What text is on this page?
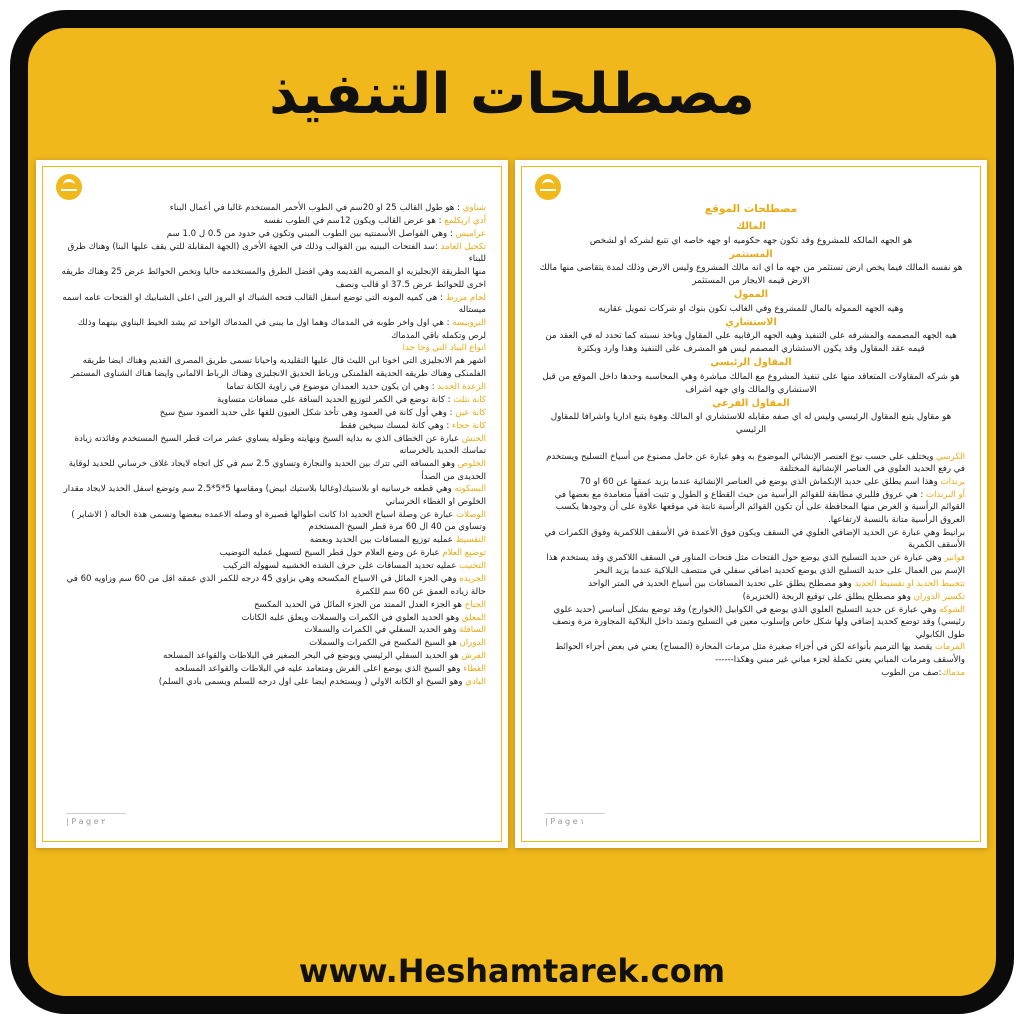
مصطلحات التنفيذ

شناوي : هو طول القالب 25 او 20سم في الطوب الأحمر المستخدم غالبا في أعمال البناء

أدي اريكلمع : هو عرض القالب ويكون 12سم في الطوب نفسه

عراميس : وهي الفواصل الأسمنتيه بين الطوب المبني وتكون في حدود من 0.5 ل 1.0 سم

تكحيل العامد :سد الفتحات البينيه بين القوالب وذلك في الجهة الأخرى (الجهة المقابلة للتي يقف عليها البنا) وهناك طرق للبناء

منها الطريقة الإنجليزيه او المصريه القديمه وهي افضل الطرق والمستخدمه حاليا وتخص الحوائط عرض 25 وهناك طريقه اخرى للحوائط عرض 37.5 او قالب ونصف

لحام مزرط : هى كميه المونه التى توضع اسفل القالب فتحه الشباك او البروز التى اعلى الشبابيك او الفتحات عامه اسمه ميستاله

التروبيسه : هي اول واخر طوبه في المدماك وهما اول ما يبنى في المدماك الواحد ثم يشد الخيط البناوي بينهما وذلك لرص وتكمله باقي المدماك

انواع البياد التي وجا جدا

اشهر هم الانجليزى التى اخوتا ابن الليث قال عليها التقليديه واحيانا تسمى طريق المصرى القديم وهناك ايضا طريقه الفلمنكى وهناك طريقه الحديقه الفلمنكى ورباط الحديق الانجليزى وهناك الرباط الالمانى وايضا هناك الشناوى المستمر

الزعدة الحديد : وهي ان يكون حديد العمدان موضوع في زاوية الكانة تماما

كانة نثلث : كانة توضع في الكمر لتوزيع الحديد السافة على مسافات متساوية

كانة عين : وهي أول كانة في العمود وهى تأخذ شكل العيون للفها على حديد العمود سيخ سيخ

كانة حجاء : وهي كانة لمسك سيخين فقط

الجنش عبارة عن الخطاف الذي به بدايه السيخ ونهايته وطوله يساوي عشر مرات قطر السيخ المستخدم وفائدته زيادة تماسك الحديد بالخرسانه

الخلوص وهو المسافه التى تترك بين الحديد والنجارة وتساوي 2.5 سم في كل اتجاه لايجاد غلاف خرساني للحديد لوقاية الحديدى من الصدأ

البسكوته وهي قطعه خرسانيه او بلاستيك(وغالبا بلاستيك ابيض) ومقاسها 5*5*2.5 سم وتوضع اسفل الحديد لايجاد مقدار الخلوص او الغطاء الخرساني

الوصلات عبارة عن وصلة اسياخ الحديد اذا كانت اطوالها قصيرة او وصله الاعمده ببعضها وتسمى هذة الحاله ( الاشاير ) وتساوي من 40 ال 60 مرة قطر السيخ المستخدم

التقسيط عمليه توزيع المسافات بين الحديد وبعضه

توضيع العلام عبارة عن وضع العلام حول قطر السيخ لتسهيل عمليه التوضيب

التجنيب عمليه تحديد المسافات على حرف الشده الخشبيه لسهوله التركيب

الجريده وهي الجزء المائل في الاسياخ المكسحه وهي بزاوي 45 درجه للكمر الذي عمقه اقل من 60 سم وزاويه 60 في حالة زياده العمق عن 60 سم للكمرة

الجناح هو الجزء العدل الممتد من الجزء المائل في الحديد المكسح

المعلق وهو الحديد العلوي في الكمرات والسملات ويعلق عليه الكانات

السافلة وهو الحديد السفلي في الكمرات والسملات

الدوران هو السيخ المكسح في الكمرات والسملات

الفرش هو الحديد السفلي الرئيسي ويوضع في البحر الصغير في البلاطات والقواعد المسلحه

الغطاء وهو السيخ الذي يوضع اعلى الفرش ومتعامد عليه في البلاطات والقواعد المسلحه

البادي وهو السيخ او الكانه الاولي ( ويستخدم ايضا على اول درجه للسلم ويسمى بادي السلم)

| P a g e ٢

مصطلحات الموقع

المالك

هو الجهه المالكه للمشروع وقد تكون جهه حكوميه او جهه خاصه اي تتبع لشركه او لشخص

المستثمر

هو نفسه المالك فيما يخص ارض تستثمر من جهه ما اي انه مالك المشروع وليس الارض وذلك لمدة يتقاضى منها مالك الارض قيمه الايجار من المستثمر

الممول

وهيه الجهه المموله بالمال للمشروع وفي الغالب تكون بنوك او شركات تمويل عقاريه

الاستشاري

هيه الجهه المصممه والمشرفه على التنفيذ وهيه الجهه الرقابيه على المقاول وياخذ نسبته كما تحدد له في العقد من قيمه عقد المقاول وقد يكون الاستشاري المصمم ليس هو المشرف على التنفيذ وهذا وارد وبكثرة

المقاول الرئيسي

هو شركه المقاولات المتعاقد منها على تنفيذ المشروع مع المالك مباشرة وهي المحاسبه وحدها داخل الموقع من قبل الاستشاري والمالك واي جهه اشراف

المقاول الفرعي

هو مقاول يتبع المقاول الرئيسي وليس له اي صفه مقابله للاستشاري او المالك وهوة يتبع اداريا واشرافا للمقاول الرئيسي

الكرسي ويختلف على حسب نوع العنصر الإنشائي الموضوع به وهو عبارة عن حامل مصنوع من أسياخ التسليح ويستخدم في رفع الحديد العلوي في العناصر الإنشائية المختلفة

برندات وهذا اسم يطلق على حديد الإنكماش الذي يوضع في العناصر الإنشائية عندما يزيد عمقها عن 60 او 70

أو البرندات : هي عروق فلليري مطابقة للقوائم الرأسية من حيث القطاع و الطول و تثبت أفقياً متعامدة مع بعضها في القوائم الرأسية و الغرض منها المحافظة على أن تكون القوائم الرأسية ثابتة في موقعها علاوة على أن وجودها يكسب العروق الرأسية متانة بالنسبة لارتفاعها.

برانيط وهي عبارة عن الحديد الإضافي العلوي في السقف ويكون فوق الأعمدة في الأسقف اللاكمرية وفوق الكمرات في الأسقف الكمرية

فوانير وهي عبارة عن حديد التسليح الذي يوضع حول الفتحات مثل فتحات المناور في السقف اللاكمري وقد يستخدم هذا الإسم بين العمال على حديد التسليح الذي يوضع كحديد اضافي سفلي في منتصف البلاكية عندما يزيد البحر

تتجبيط الحديد او تقسيط الحديد وهو مصطلح يطلق على تحديد المسافات بين أسياخ الحديد في المتر الواحد

تكسير الدوران وهو مصطلح يطلق على توقيع الربجة (الخنزيرة)

الشوكه وهي عبارة عن حديد التسليح العلوي الذي يوضع في الكوابيل (الخوارج) وقد توضع بشكل أساسي (حديد علوي رئيسي) وقد توضع كحديد إضافي ولها شكل خاص وإسلوب معين في التسليح وتمتد داخل البلاكية المجاورة مرة ونصف طول الكابولي

المرمات يقصد بها الترميم بأنواعه لكن في أجزاء صغيرة مثل مرمات المحارة (المساح) يعني في بعض أجزاء الحوائط والأسقف ومرمات المباني يعني تكملة لجزء مباني غير مبني وهكذا------

مدماك:صف من الطوب

| P a g e ١
www.Heshamtarek.com
